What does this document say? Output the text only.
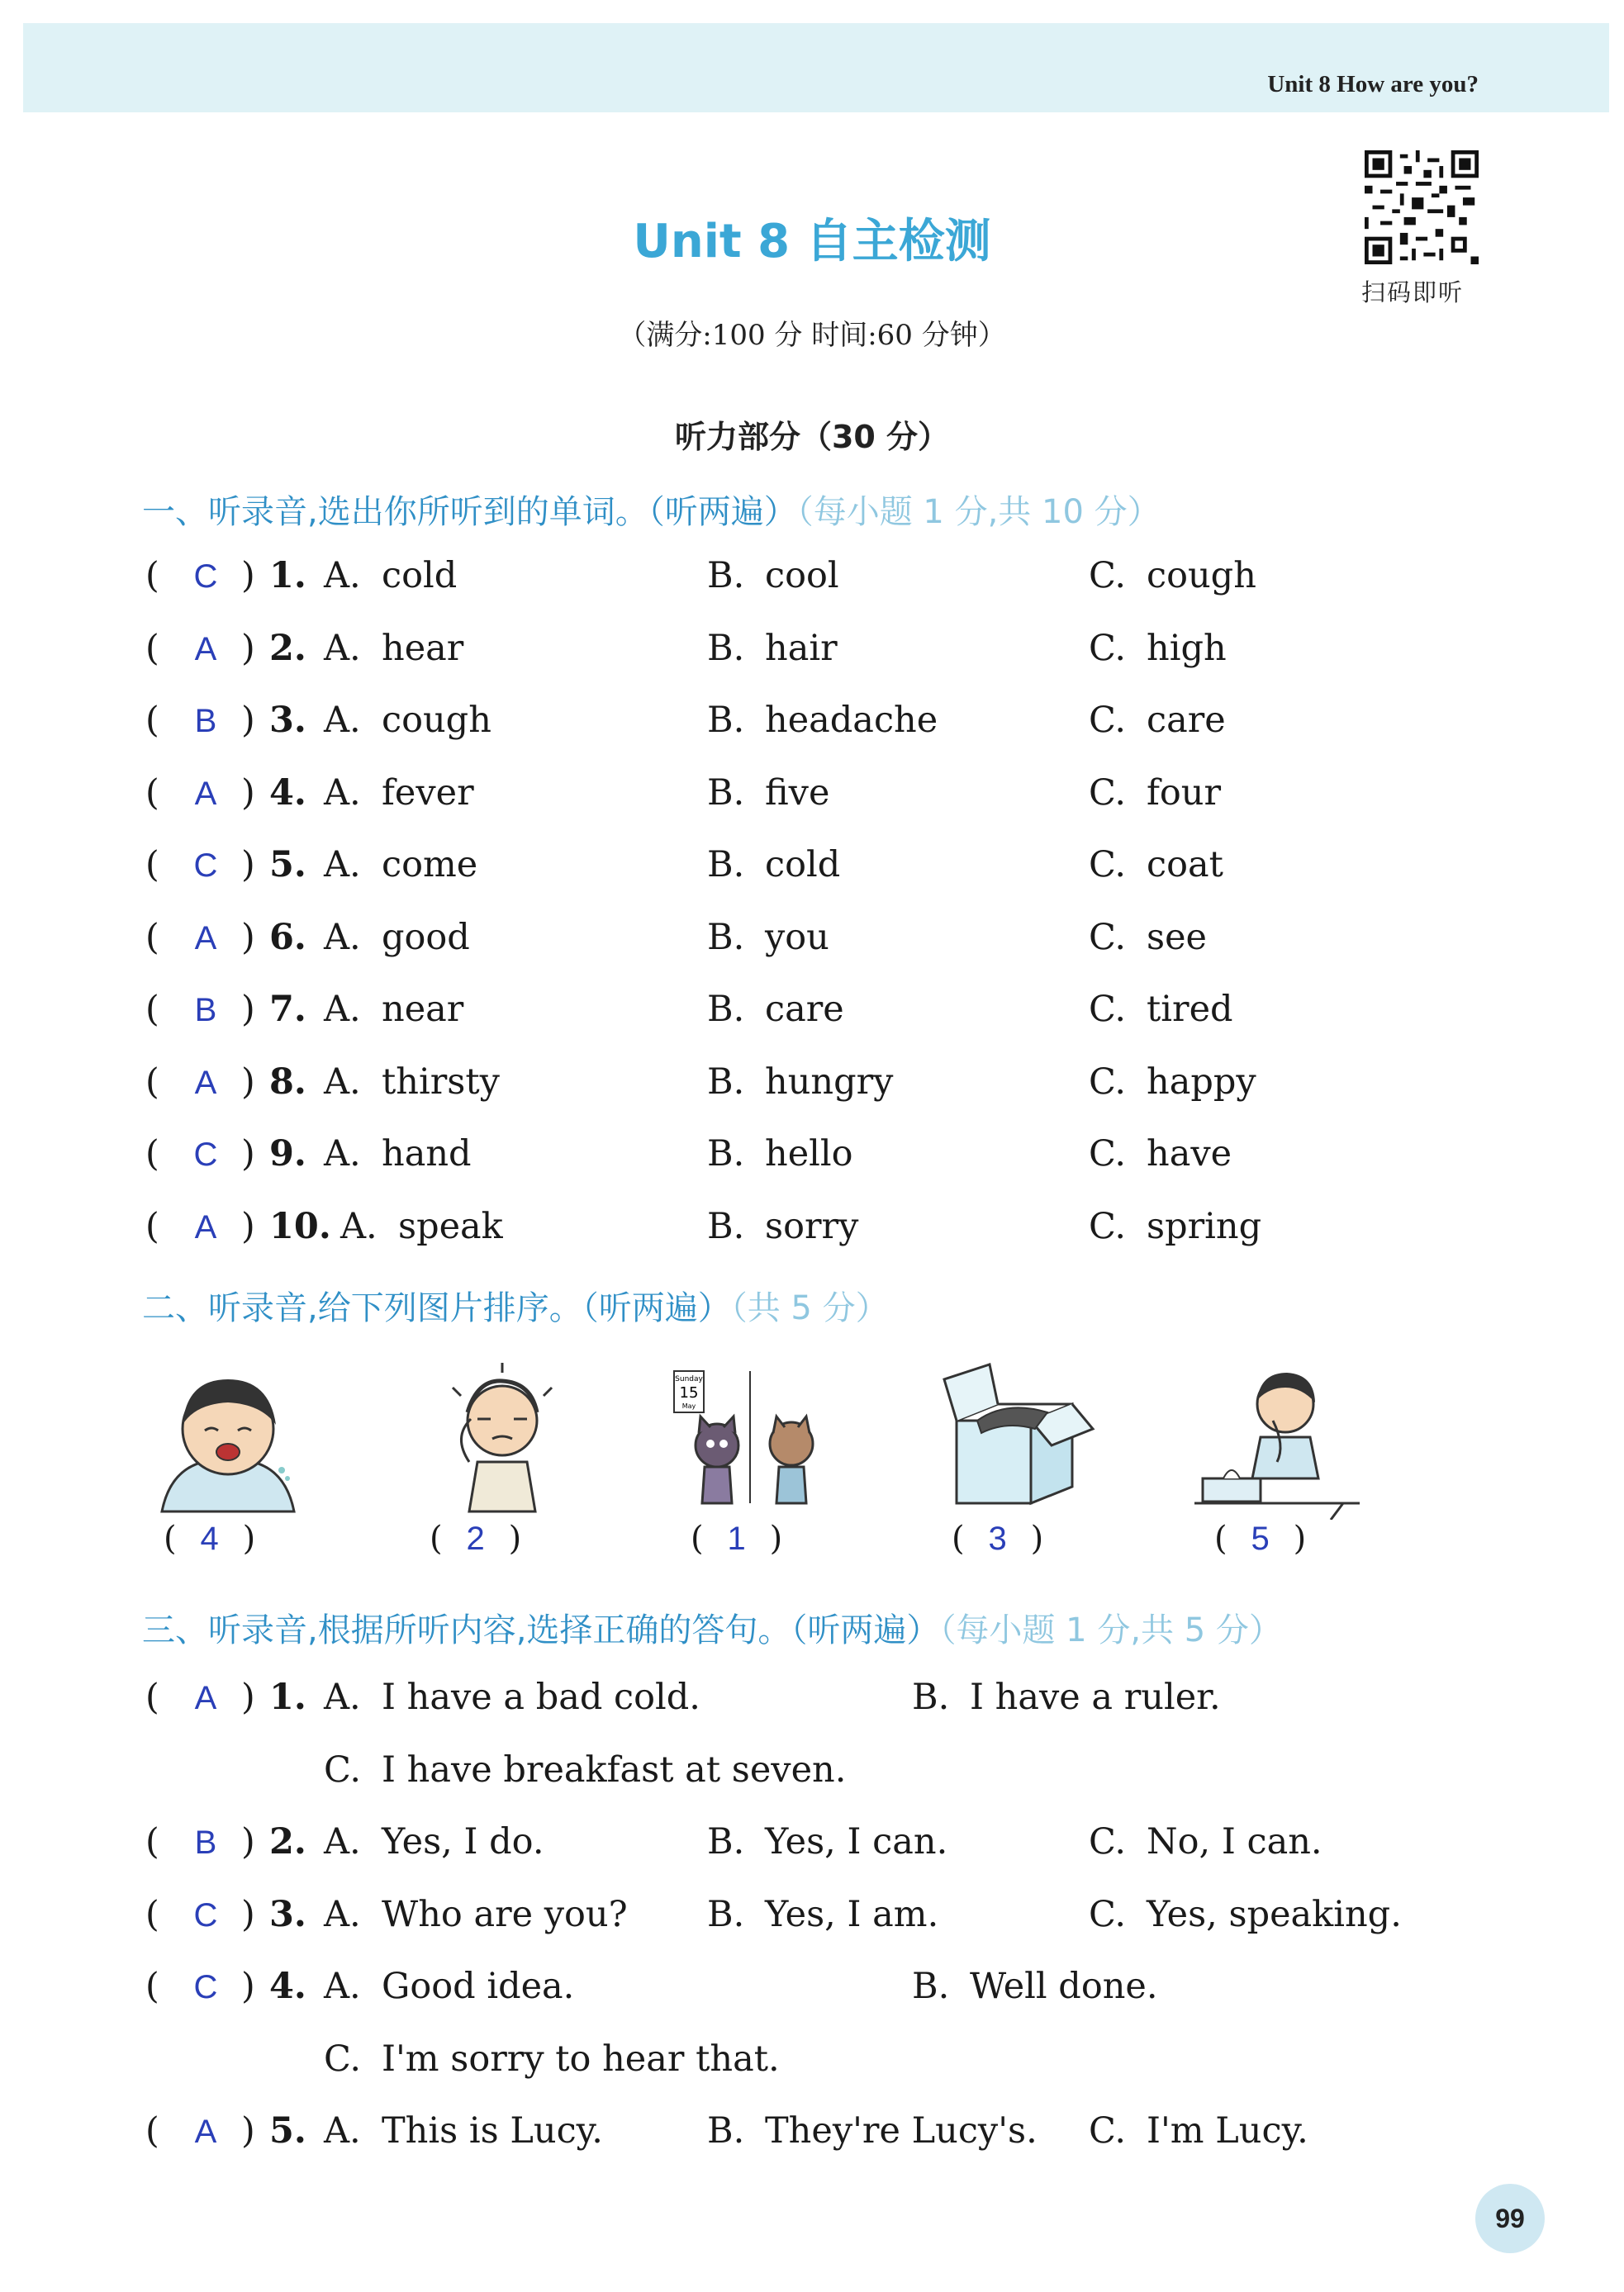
Unit 8 How are you?
扫码即听
Unit 8 自主检测
（满分:100 分 时间:60 分钟）
听力部分（30 分）
一、听录音,选出你所听到的单词。（听两遍）（每小题 1 分,共 10 分）
( C ) 1. A. cold	B. cool	C. cough
( A ) 2. A. hear	B. hair	C. high
( B ) 3. A. cough	B. headache	C. care
( A ) 4. A. fever	B. five	C. four
( C ) 5. A. come	B. cold	C. coat
( A ) 6. A. good	B. you	C. see
( B ) 7. A. near	B. care	C. tired
( A ) 8. A. thirsty	B. hungry	C. happy
( C ) 9. A. hand	B. hello	C. have
( A ) 10. A. speak	B. sorry	C. spring
二、听录音,给下列图片排序。（听两遍）（共 5 分）
Sunday
15
May
( 4 )	( 2 )	( 1 )	( 3 )	( 5 )
三、听录音,根据所听内容,选择正确的答句。（听两遍）（每小题 1 分,共 5 分）
( A ) 1. A. I have a bad cold.	B. I have a ruler.
C. I have breakfast at seven.
( B ) 2. A. Yes, I do.	B. Yes, I can.	C. No, I can.
( C ) 3. A. Who are you? B. Yes, I am.	C. Yes, speaking.
( C ) 4. A. Good idea.	B. Well done.
C. I'm sorry to hear that.
( A ) 5. A. This is Lucy.	B. They're Lucy's. C. I'm Lucy.
99
